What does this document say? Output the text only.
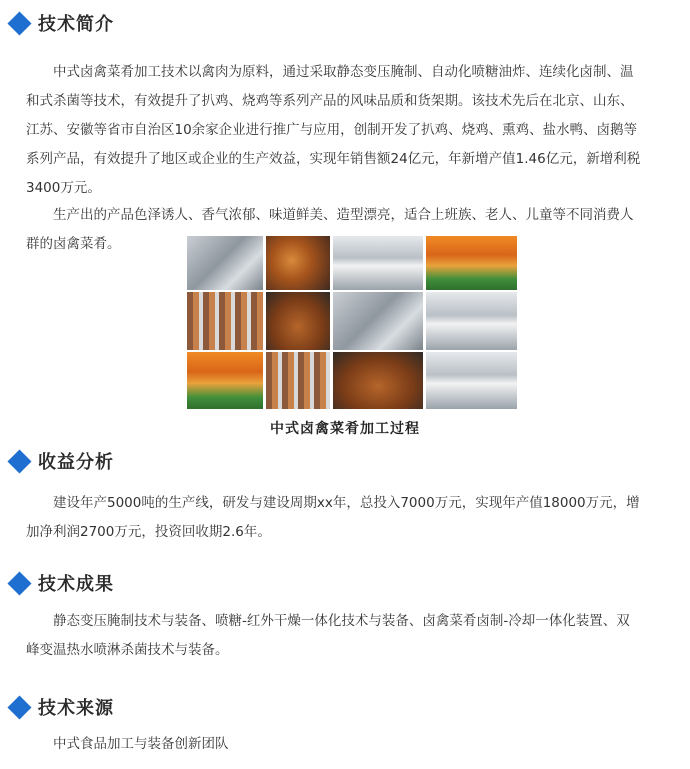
技术简介
　　中式卤禽菜肴加工技术以禽肉为原料，通过采取静态变压腌制、自动化喷糖油炸、连续化卤制、温
和式杀菌等技术，有效提升了扒鸡、烧鸡等系列产品的风味品质和货架期。该技术先后在北京、山东、
江苏、安徽等省市自治区10余家企业进行推广与应用，创制开发了扒鸡、烧鸡、熏鸡、盐水鸭、卤鹅等
系列产品，有效提升了地区或企业的生产效益，实现年销售额24亿元，年新增产值1.46亿元，新增利税
3400万元。
　　生产出的产品色泽诱人、香气浓郁、味道鲜美、造型漂亮，适合上班族、老人、儿童等不同消费人
群的卤禽菜肴。
中式卤禽菜肴加工过程
收益分析
　　建设年产5000吨的生产线，研发与建设周期xx年，总投入7000万元，实现年产值18000万元，增
加净利润2700万元，投资回收期2.6年。
技术成果
　　静态变压腌制技术与装备、喷糖-红外干燥一体化技术与装备、卤禽菜肴卤制-冷却一体化装置、双
峰变温热水喷淋杀菌技术与装备。
技术来源
　　中式食品加工与装备创新团队
